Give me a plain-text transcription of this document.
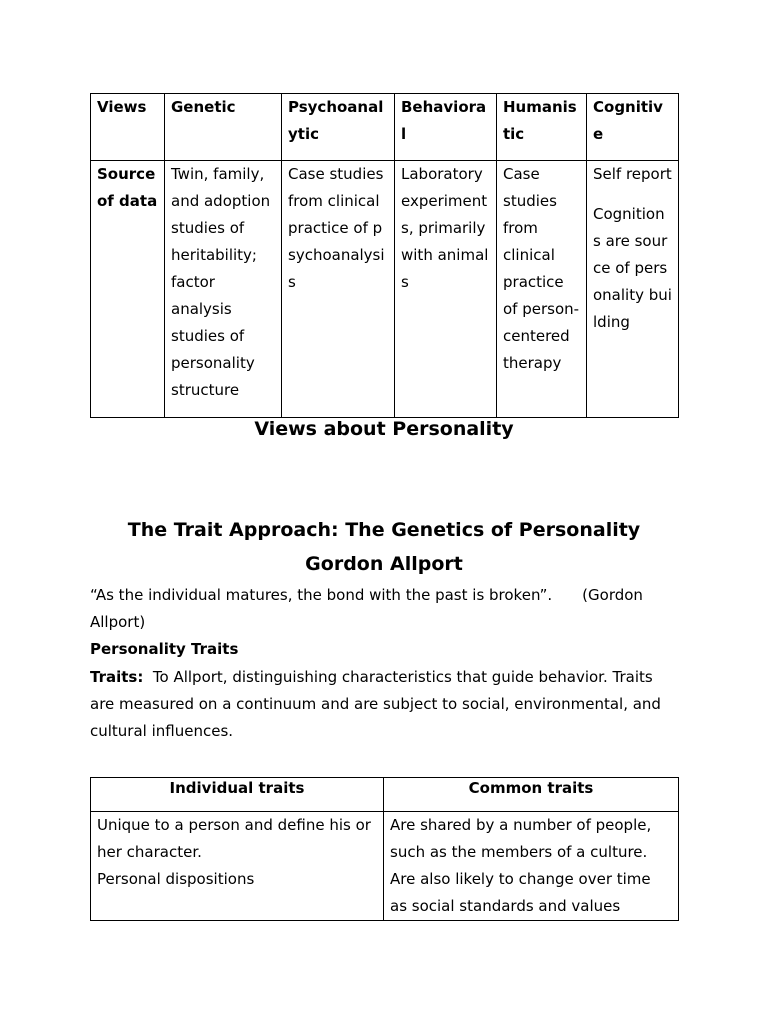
Views	Genetic	Psychoanalytic	Behavioral	Humanistic	Cognitive
Source of data	Twin, family, and adoption studies of heritability; factor analysis studies of personality structure	Case studies from clinical practice of psychoanalysis	Laboratory experiments, primarily with animals	Case studies from clinical practice of person-centered therapy	Self report
Cognitions are source of personality building
Views about Personality
The Trait Approach: The Genetics of Personality
Gordon Allport
“As the individual matures, the bond with the past is broken”. (Gordon Allport)
Personality Traits
Traits: To Allport, distinguishing characteristics that guide behavior. Traits are measured on a continuum and are subject to social, environmental, and cultural influences.
Individual traits	Common traits

Unique to a person and define his or her character.
Personal dispositions	Are shared by a number of people, such as the members of a culture. Are also likely to change over time as social standards and values
